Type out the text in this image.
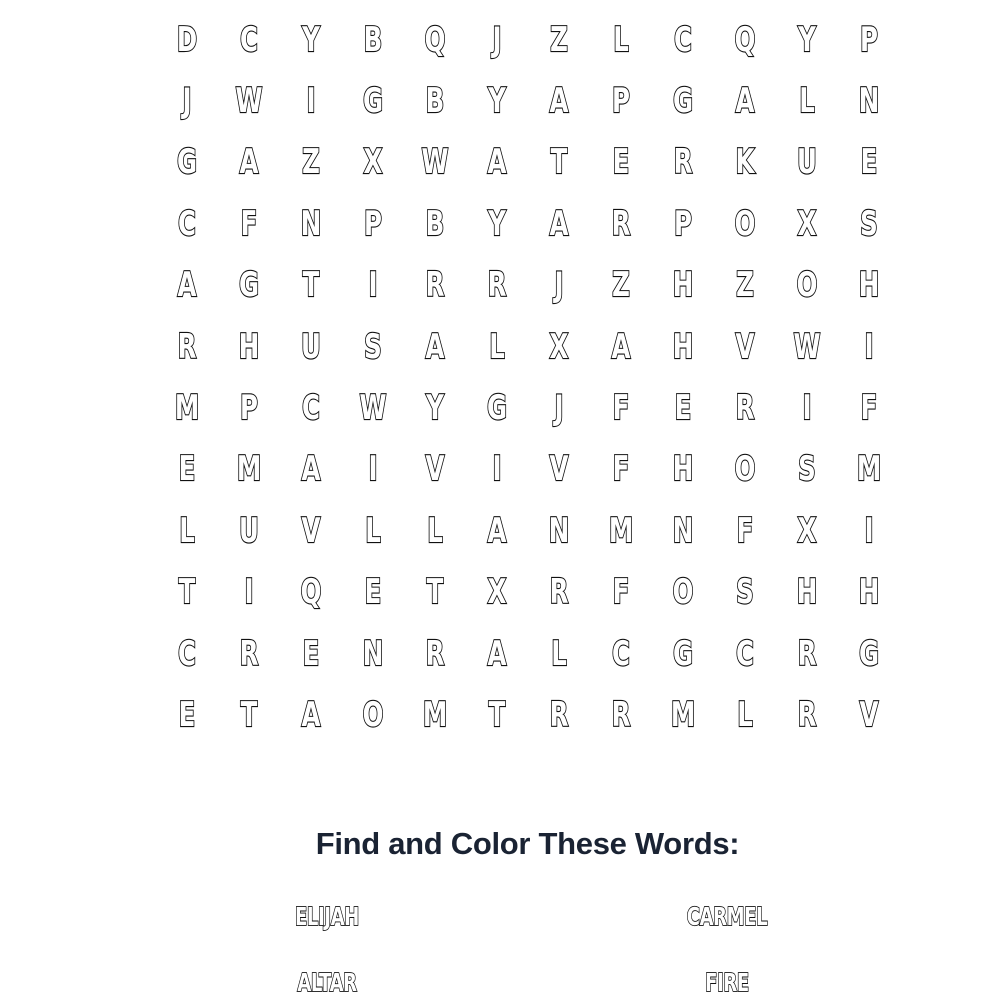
D	C	Y	B	Q	J	Z	L	C	Q	Y	P
J	W	I	G	B	Y	A	P	G	A	L	N
G	A	Z	X	W	A	T	E	R	K	U	E
C	F	N	P	B	Y	A	R	P	O	X	S
A	G	T	I	R	R	J	Z	H	Z	O	H
R	H	U	S	A	L	X	A	H	V	W	I
M	P	C	W	Y	G	J	F	E	R	I	F
E	M	A	I	V	I	V	F	H	O	S	M
L	U	V	L	L	A	N	M	N	F	X	I
T	I	Q	E	T	X	R	F	O	S	H	H
C	R	E	N	R	A	L	C	G	C	R	G
E	T	A	O	M	T	R	R	M	L	R	V
Find and Color These Words:
ELIJAH	CARMEL
ALTAR	FIRE
